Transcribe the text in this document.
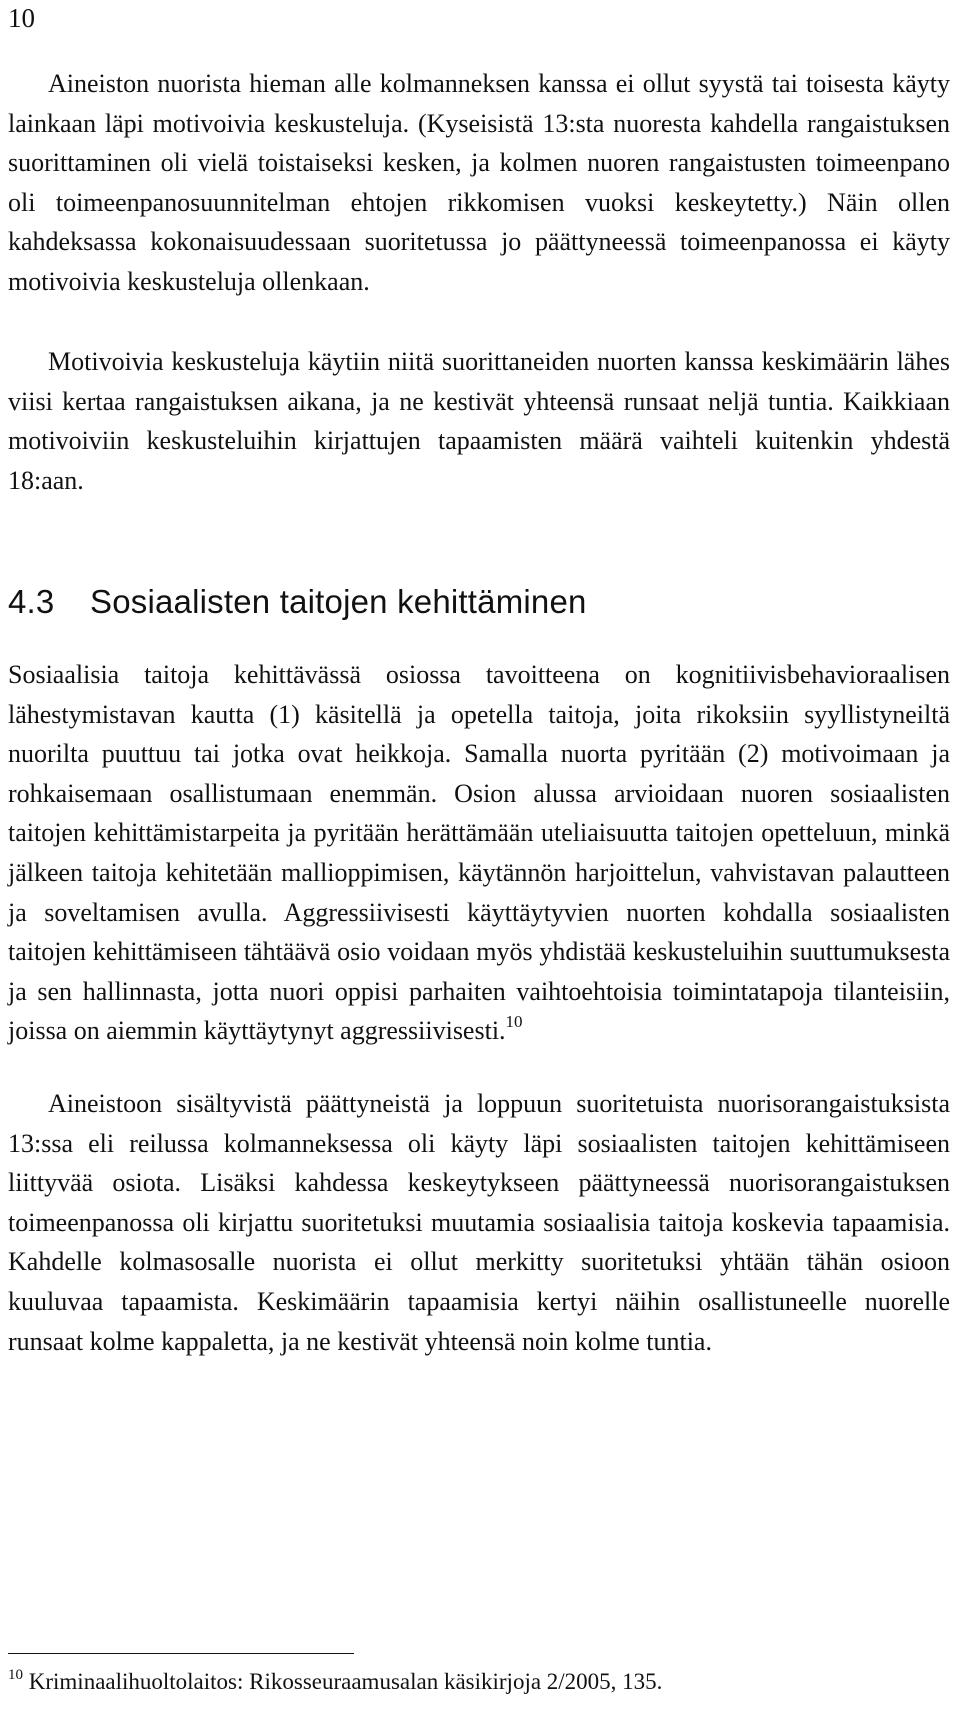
10

Aineiston nuorista hieman alle kolmanneksen kanssa ei ollut syystä tai toisesta käyty lainkaan läpi motivoivia keskusteluja. (Kyseisistä 13:sta nuoresta kahdella rangaistuksen suorittaminen oli vielä toistaiseksi kesken, ja kolmen nuoren rangaistusten toimeenpano oli toimeenpanosuunnitelman ehtojen rikkomisen vuoksi keskeytetty.) Näin ollen kahdeksassa kokonaisuudessaan suoritetussa jo päättyneessä toimeenpanossa ei käyty motivoivia keskusteluja ollenkaan.

Motivoivia keskusteluja käytiin niitä suorittaneiden nuorten kanssa keskimäärin lähes viisi kertaa rangaistuksen aikana, ja ne kestivät yhteensä runsaat neljä tuntia. Kaikkiaan motivoiviin keskusteluihin kirjattujen tapaamisten määrä vaihteli kuitenkin yhdestä 18:aan.

4.3 Sosiaalisten taitojen kehittäminen

Sosiaalisia taitoja kehittävässä osiossa tavoitteena on kognitiivisbehavioraalisen lähestymistavan kautta (1) käsitellä ja opetella taitoja, joita rikoksiin syyllistyneiltä nuorilta puuttuu tai jotka ovat heikkoja. Samalla nuorta pyritään (2) motivoimaan ja rohkaisemaan osallistumaan enemmän. Osion alussa arvioidaan nuoren sosiaalisten taitojen kehittämistarpeita ja pyritään herättämään uteliaisuutta taitojen opetteluun, minkä jälkeen taitoja kehitetään mallioppimisen, käytännön harjoittelun, vahvistavan palautteen ja soveltamisen avulla. Aggressiivisesti käyttäytyvien nuorten kohdalla sosiaalisten taitojen kehittämiseen tähtäävä osio voidaan myös yhdistää keskusteluihin suuttumuksesta ja sen hallinnasta, jotta nuori oppisi parhaiten vaihtoehtoisia toimintatapoja tilanteisiin, joissa on aiemmin käyttäytynyt aggressiivisesti.$^{10}$

Aineistoon sisältyvistä päättyneistä ja loppuun suoritetuista nuorisorangaistuksista 13:ssa eli reilussa kolmanneksessa oli käyty läpi sosiaalisten taitojen kehittämiseen liittyvää osiota. Lisäksi kahdessa keskeytykseen päättyneessä nuorisorangaistuksen toimeenpanossa oli kirjattu suoritetuksi muutamia sosiaalisia taitoja koskevia tapaamisia. Kahdelle kolmasosalle nuorista ei ollut merkitty suoritetuksi yhtään tähän osioon kuuluvaa tapaamista. Keskimäärin tapaamisia kertyi näihin osallistuneelle nuorelle runsaat kolme kappaletta, ja ne kestivät yhteensä noin kolme tuntia.

$^{10}$ Kriminaalihuoltolaitos: Rikosseuraamusalan käsikirjoja 2/2005, 135.
